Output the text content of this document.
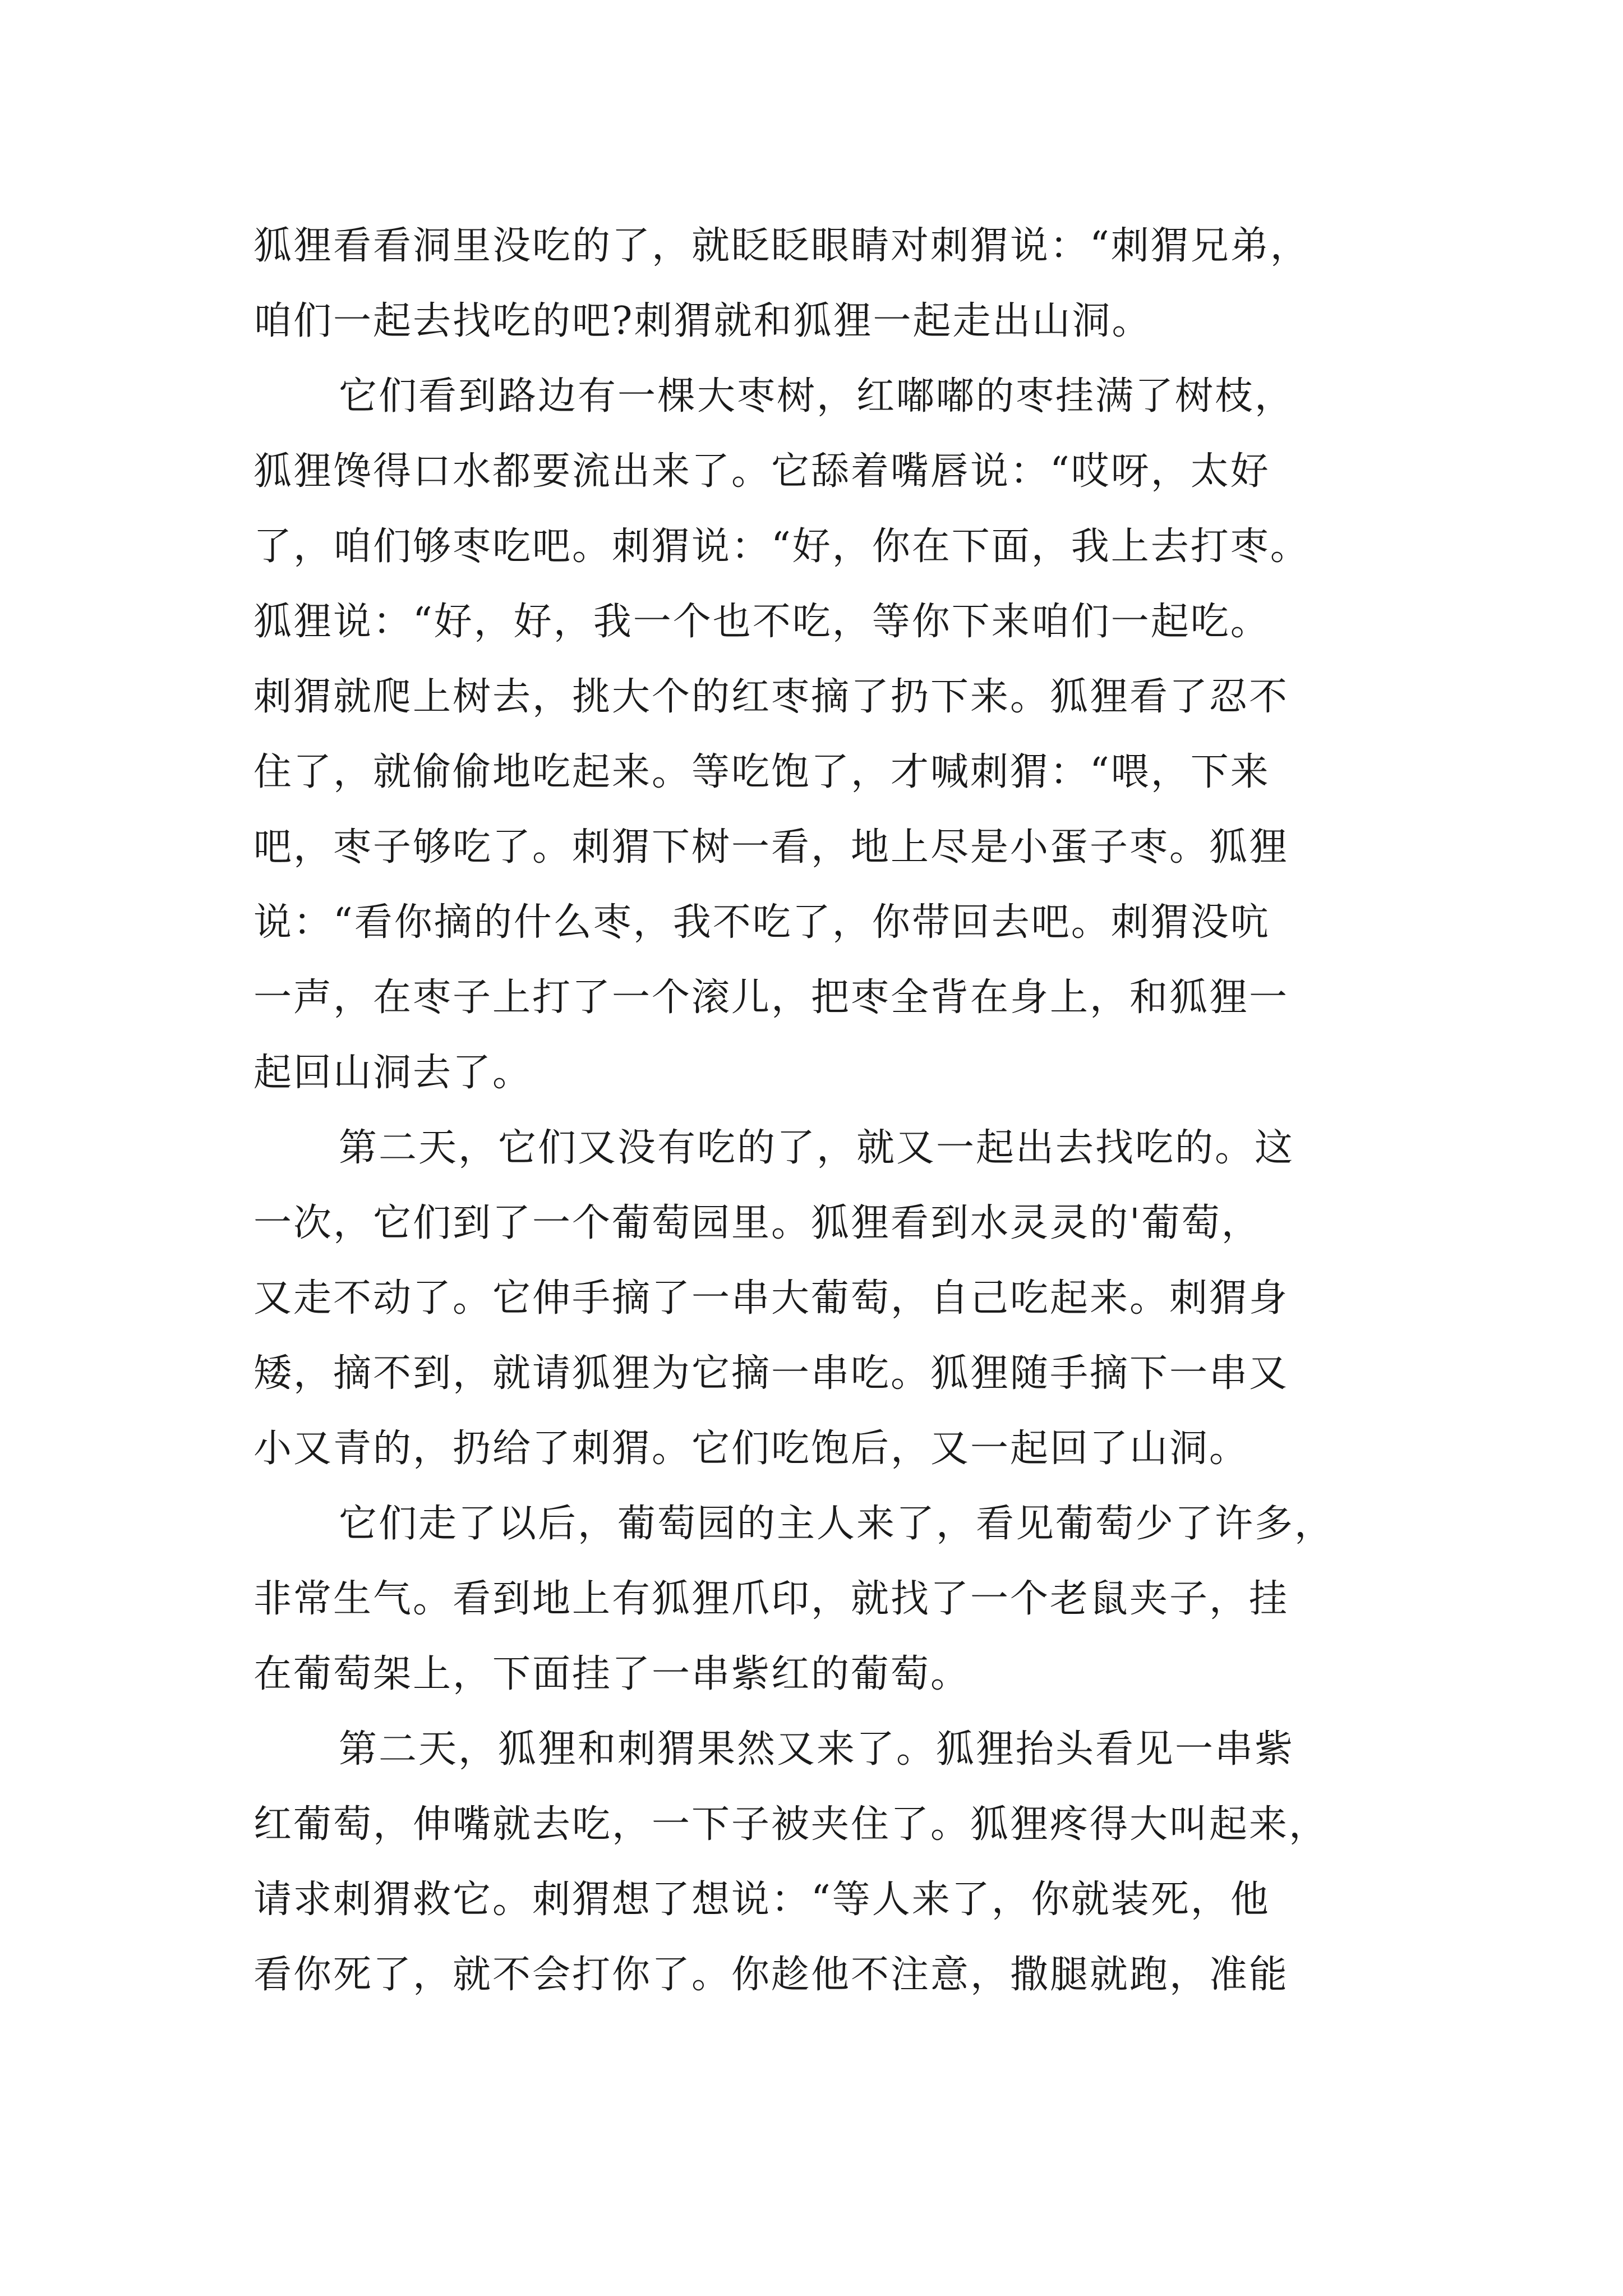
狐狸看看洞里没吃的了，就眨眨眼睛对刺猬说：“刺猬兄弟，
咱们一起去找吃的吧?刺猬就和狐狸一起走出山洞。
它们看到路边有一棵大枣树，红嘟嘟的枣挂满了树枝，
狐狸馋得口水都要流出来了。它舔着嘴唇说：“哎呀，太好
了，咱们够枣吃吧。刺猬说：“好，你在下面，我上去打枣。
狐狸说：“好，好，我一个也不吃，等你下来咱们一起吃。
刺猬就爬上树去，挑大个的红枣摘了扔下来。狐狸看了忍不
住了，就偷偷地吃起来。等吃饱了，才喊刺猬：“喂，下来
吧，枣子够吃了。刺猬下树一看，地上尽是小蛋子枣。狐狸
说：“看你摘的什么枣，我不吃了，你带回去吧。刺猬没吭
一声，在枣子上打了一个滚儿，把枣全背在身上，和狐狸一
起回山洞去了。
第二天，它们又没有吃的了，就又一起出去找吃的。这
一次，它们到了一个葡萄园里。狐狸看到水灵灵的'葡萄，
又走不动了。它伸手摘了一串大葡萄，自己吃起来。刺猬身
矮，摘不到，就请狐狸为它摘一串吃。狐狸随手摘下一串又
小又青的，扔给了刺猬。它们吃饱后，又一起回了山洞。
它们走了以后，葡萄园的主人来了，看见葡萄少了许多，
非常生气。看到地上有狐狸爪印，就找了一个老鼠夹子，挂
在葡萄架上，下面挂了一串紫红的葡萄。
第二天，狐狸和刺猬果然又来了。狐狸抬头看见一串紫
红葡萄，伸嘴就去吃，一下子被夹住了。狐狸疼得大叫起来，
请求刺猬救它。刺猬想了想说：“等人来了，你就装死，他
看你死了，就不会打你了。你趁他不注意，撒腿就跑，准能
